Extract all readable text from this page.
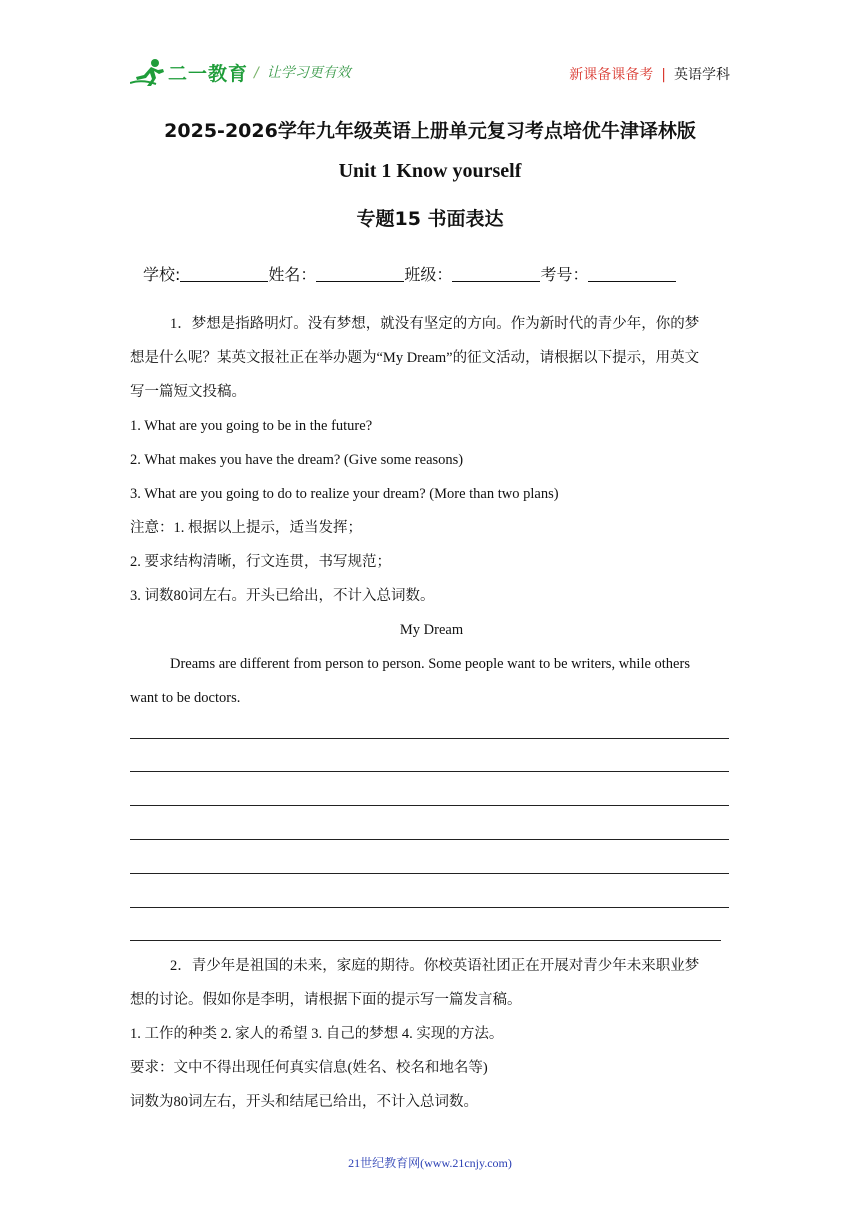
二一教育 / 让学习更有效	新课备课备考 | 英语学科
2025-2026学年九年级英语上册单元复习考点培优牛津译林版
Unit 1 Know yourself
专题15 书面表达
学校:	姓名：	班级：	考号：
1．梦想是指路明灯。没有梦想，就没有坚定的方向。作为新时代的青少年，你的梦
想是什么呢？某英文报社正在举办题为“My Dream”的征文活动，请根据以下提示，用英文
写一篇短文投稿。
1. What are you going to be in the future?
2. What makes you have the dream? (Give some reasons)
3. What are you going to do to realize your dream? (More than two plans)
注意：1. 根据以上提示，适当发挥；
2. 要求结构清晰，行文连贯，书写规范；
3. 词数80词左右。开头已给出，不计入总词数。
My Dream
Dreams are different from person to person. Some people want to be writers, while others
want to be doctors.
2．青少年是祖国的未来，家庭的期待。你校英语社团正在开展对青少年未来职业梦
想的讨论。假如你是李明，请根据下面的提示写一篇发言稿。
1. 工作的种类 2. 家人的希望 3. 自己的梦想 4. 实现的方法。
要求：文中不得出现任何真实信息(姓名、校名和地名等)
词数为80词左右，开头和结尾已给出，不计入总词数。
21世纪教育网(www.21cnjy.com)
